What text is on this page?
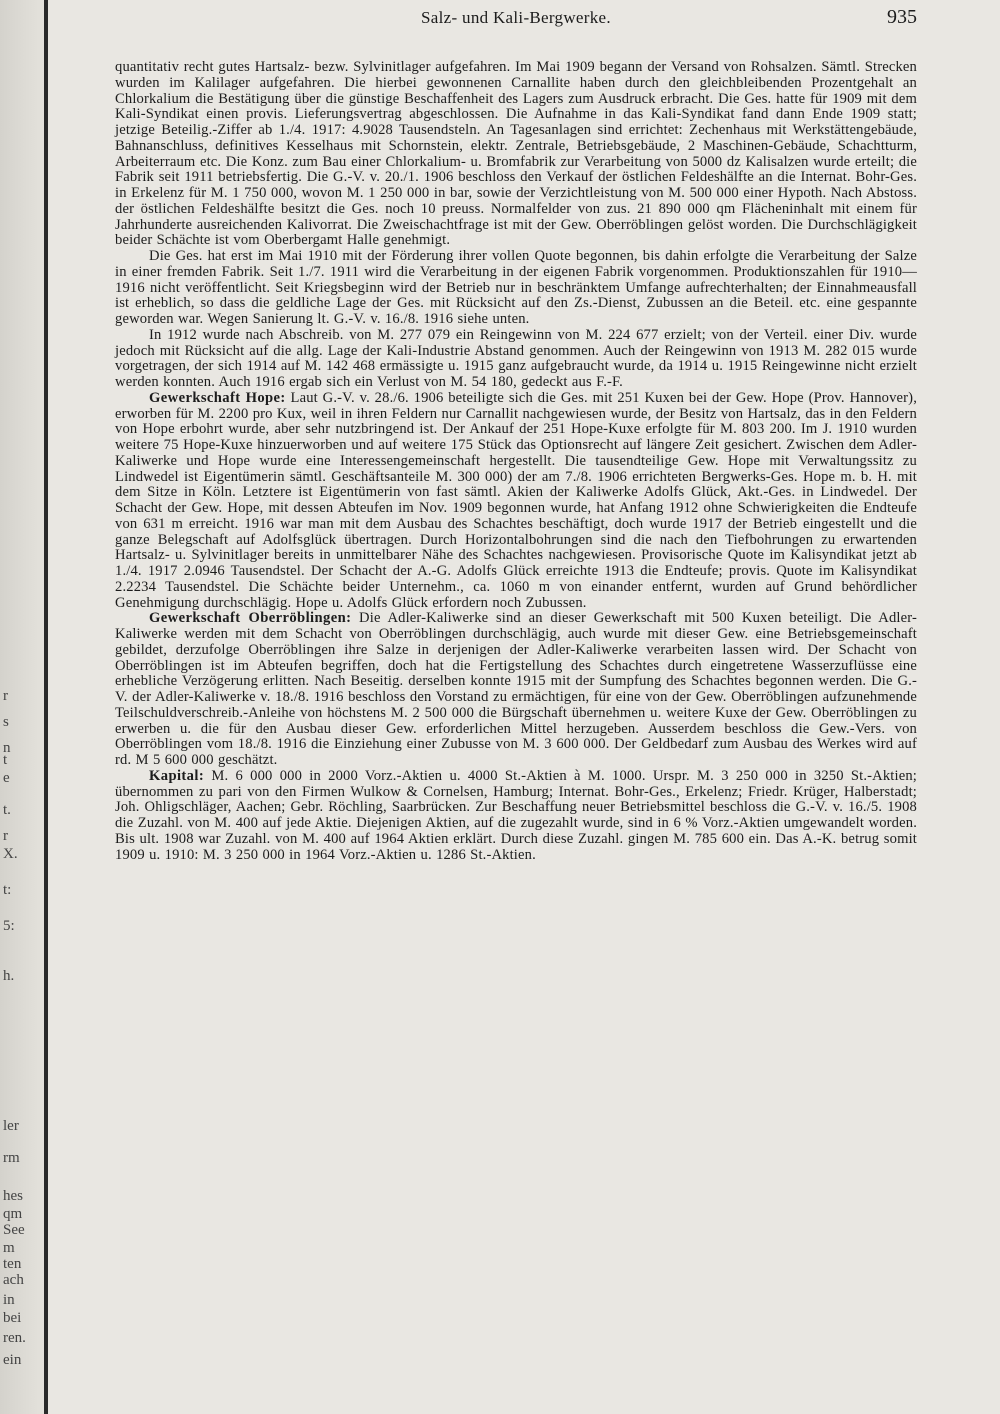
r
s
n
t
e
t.
r
X.
t:
5:
h.
ler
rm
hes
qm
See
m
ten
ach
in
bei
ren.
ein
Salz- und Kali-Bergwerke.	935

quantitativ recht gutes Hartsalz- bezw. Sylvinitlager aufgefahren. Im Mai 1909 begann der Versand von Rohsalzen. Sämtl. Strecken wurden im Kalilager aufgefahren. Die hierbei gewonnenen Carnallite haben durch den gleichbleibenden Prozentgehalt an Chlorkalium die Bestätigung über die günstige Beschaffenheit des Lagers zum Ausdruck erbracht. Die Ges. hatte für 1909 mit dem Kali-Syndikat einen provis. Lieferungsvertrag abgeschlossen. Die Aufnahme in das Kali-Syndikat fand dann Ende 1909 statt; jetzige Beteilig.-Ziffer ab 1./4. 1917: 4.9028 Tausendsteln. An Tagesanlagen sind errichtet: Zechenhaus mit Werkstättengebäude, Bahnanschluss, definitives Kesselhaus mit Schornstein, elektr. Zentrale, Betriebsgebäude, 2 Maschinen-Gebäude, Schachtturm, Arbeiterraum etc. Die Konz. zum Bau einer Chlorkalium- u. Bromfabrik zur Verarbeitung von 5000 dz Kalisalzen wurde erteilt; die Fabrik seit 1911 betriebsfertig. Die G.-V. v. 20./1. 1906 beschloss den Verkauf der östlichen Feldeshälfte an die Internat. Bohr-Ges. in Erkelenz für M. 1 750 000, wovon M. 1 250 000 in bar, sowie der Verzichtleistung von M. 500 000 einer Hypoth. Nach Abstoss. der östlichen Feldeshälfte besitzt die Ges. noch 10 preuss. Normalfelder von zus. 21 890 000 qm Flächeninhalt mit einem für Jahrhunderte ausreichenden Kalivorrat. Die Zweischachtfrage ist mit der Gew. Oberröblingen gelöst worden. Die Durchschlägigkeit beider Schächte ist vom Oberbergamt Halle genehmigt.

Die Ges. hat erst im Mai 1910 mit der Förderung ihrer vollen Quote begonnen, bis dahin erfolgte die Verarbeitung der Salze in einer fremden Fabrik. Seit 1./7. 1911 wird die Verarbeitung in der eigenen Fabrik vorgenommen. Produktionszahlen für 1910—1916 nicht veröffentlicht. Seit Kriegsbeginn wird der Betrieb nur in beschränktem Umfange aufrechterhalten; der Einnahmeausfall ist erheblich, so dass die geldliche Lage der Ges. mit Rücksicht auf den Zs.-Dienst, Zubussen an die Beteil. etc. eine gespannte geworden war. Wegen Sanierung lt. G.-V. v. 16./8. 1916 siehe unten.

In 1912 wurde nach Abschreib. von M. 277 079 ein Reingewinn von M. 224 677 erzielt; von der Verteil. einer Div. wurde jedoch mit Rücksicht auf die allg. Lage der Kali-Industrie Abstand genommen. Auch der Reingewinn von 1913 M. 282 015 wurde vorgetragen, der sich 1914 auf M. 142 468 ermässigte u. 1915 ganz aufgebraucht wurde, da 1914 u. 1915 Reingewinne nicht erzielt werden konnten. Auch 1916 ergab sich ein Verlust von M. 54 180, gedeckt aus F.-F.

Gewerkschaft Hope: Laut G.-V. v. 28./6. 1906 beteiligte sich die Ges. mit 251 Kuxen bei der Gew. Hope (Prov. Hannover), erworben für M. 2200 pro Kux, weil in ihren Feldern nur Carnallit nachgewiesen wurde, der Besitz von Hartsalz, das in den Feldern von Hope erbohrt wurde, aber sehr nutzbringend ist. Der Ankauf der 251 Hope-Kuxe erfolgte für M. 803 200. Im J. 1910 wurden weitere 75 Hope-Kuxe hinzuerworben und auf weitere 175 Stück das Optionsrecht auf längere Zeit gesichert. Zwischen dem Adler-Kaliwerke und Hope wurde eine Interessengemeinschaft hergestellt. Die tausendteilige Gew. Hope mit Verwaltungssitz zu Lindwedel ist Eigentümerin sämtl. Geschäftsanteile M. 300 000) der am 7./8. 1906 errichteten Bergwerks-Ges. Hope m. b. H. mit dem Sitze in Köln. Letztere ist Eigentümerin von fast sämtl. Akien der Kaliwerke Adolfs Glück, Akt.-Ges. in Lindwedel. Der Schacht der Gew. Hope, mit dessen Abteufen im Nov. 1909 begonnen wurde, hat Anfang 1912 ohne Schwierigkeiten die Endteufe von 631 m erreicht. 1916 war man mit dem Ausbau des Schachtes beschäftigt, doch wurde 1917 der Betrieb eingestellt und die ganze Belegschaft auf Adolfsglück übertragen. Durch Horizontalbohrungen sind die nach den Tiefbohrungen zu erwartenden Hartsalz- u. Sylvinitlager bereits in unmittelbarer Nähe des Schachtes nachgewiesen. Provisorische Quote im Kalisyndikat jetzt ab 1./4. 1917 2.0946 Tausendstel. Der Schacht der A.-G. Adolfs Glück erreichte 1913 die Endteufe; provis. Quote im Kalisyndikat 2.2234 Tausendstel. Die Schächte beider Unternehm., ca. 1060 m von einander entfernt, wurden auf Grund behördlicher Genehmigung durchschlägig. Hope u. Adolfs Glück erfordern noch Zubussen.

Gewerkschaft Oberröblingen: Die Adler-Kaliwerke sind an dieser Gewerkschaft mit 500 Kuxen beteiligt. Die Adler-Kaliwerke werden mit dem Schacht von Oberröblingen durchschlägig, auch wurde mit dieser Gew. eine Betriebsgemeinschaft gebildet, derzufolge Oberröblingen ihre Salze in derjenigen der Adler-Kaliwerke verarbeiten lassen wird. Der Schacht von Oberröblingen ist im Abteufen begriffen, doch hat die Fertigstellung des Schachtes durch eingetretene Wasserzuflüsse eine erhebliche Verzögerung erlitten. Nach Beseitig. derselben konnte 1915 mit der Sumpfung des Schachtes begonnen werden. Die G.-V. der Adler-Kaliwerke v. 18./8. 1916 beschloss den Vorstand zu ermächtigen, für eine von der Gew. Oberröblingen aufzunehmende Teilschuldverschreib.-Anleihe von höchstens M. 2 500 000 die Bürgschaft übernehmen u. weitere Kuxe der Gew. Oberröblingen zu erwerben u. die für den Ausbau dieser Gew. erforderlichen Mittel herzugeben. Ausserdem beschloss die Gew.-Vers. von Oberröblingen vom 18./8. 1916 die Einziehung einer Zubusse von M. 3 600 000. Der Geldbedarf zum Ausbau des Werkes wird auf rd. M 5 600 000 geschätzt.

Kapital: M. 6 000 000 in 2000 Vorz.-Aktien u. 4000 St.-Aktien à M. 1000. Urspr. M. 3 250 000 in 3250 St.-Aktien; übernommen zu pari von den Firmen Wulkow & Cornelsen, Hamburg; Internat. Bohr-Ges., Erkelenz; Friedr. Krüger, Halberstadt; Joh. Ohligschläger, Aachen; Gebr. Röchling, Saarbrücken. Zur Beschaffung neuer Betriebsmittel beschloss die G.-V. v. 16./5. 1908 die Zuzahl. von M. 400 auf jede Aktie. Diejenigen Aktien, auf die zugezahlt wurde, sind in 6 % Vorz.-Aktien umgewandelt worden. Bis ult. 1908 war Zuzahl. von M. 400 auf 1964 Aktien erklärt. Durch diese Zuzahl. gingen M. 785 600 ein. Das A.-K. betrug somit 1909 u. 1910: M. 3 250 000 in 1964 Vorz.-Aktien u. 1286 St.-Aktien.
